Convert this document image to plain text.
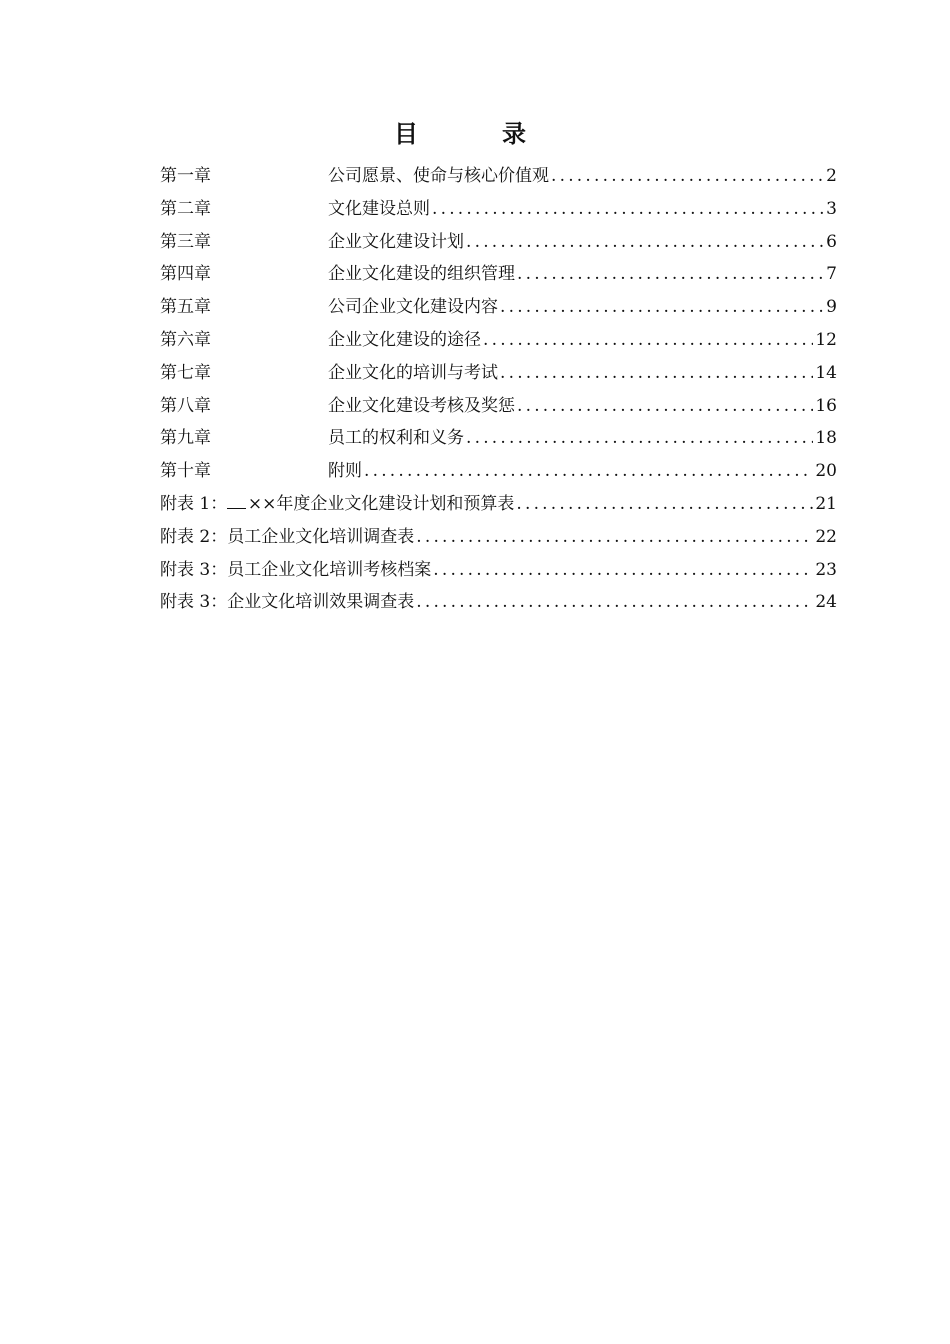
目　录
第一章	公司愿景、使命与核心价值观 .....	2
第二章	文化建设总则 .....	3
第三章	企业文化建设计划 .....	6
第四章	企业文化建设的组织管理 .....	7
第五章	公司企业文化建设内容 .....	9
第六章	企业文化建设的途径 .....	12
第七章	企业文化的培训与考试 .....	14
第八章	企业文化建设考核及奖惩 .....	16
第九章	员工的权利和义务 .....	18
第十章	附则 .....	20
附表 1： ××年度企业文化建设计划和预算表 .....	21
附表 2： 员工企业文化培训调查表 .....	22
附表 3： 员工企业文化培训考核档案 .....	23
附表 3： 企业文化培训效果调查表 .....	24
